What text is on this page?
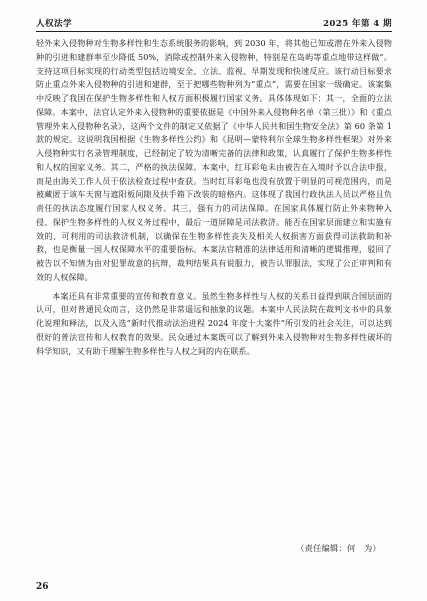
人权法学	2025 年第 4 期

轻外来入侵物种对生物多样性和生态系统服务的影响，到 2030 年，将其他已知或潜在外来入侵物种的引进和建群率至少降低 50%，消除或控制外来入侵物种，特别是在岛屿等重点地带这样做”。支持这项目标实现的行动类型包括边境安全、立法、监视、早期发现和快速反应。该行动目标要求防止重点外来入侵物种的引进和建群，至于把哪些物种列为“重点”，需要在国家一级确定。该案集中反映了我国在保护生物多样性和人权方面积极履行国家义务。具体体现如下：其一，全面的立法保障。本案中，法官认定外来入侵物种的重要依据是《中国外来入侵物种名单（第三批）》和《重点管理外来入侵物种名录》，这两个文件的制定又依据了《中华人民共和国生物安全法》第 60 条第 1 款的规定。这说明我国根据《生物多样性公约》和《昆明—蒙特利尔全球生物多样性框架》对外来入侵物种实行名录管理制度，已经制定了较为清晰完备的法律和政策，认真履行了保护生物多样性和人权的国家义务。其二，严格的执法保障。本案中，红耳彩龟未由被告在入境时予以合法申报，而是由海关工作人员于依法检查过程中查获。当时红耳彩龟也没有放置于明显的可视范围内，而是被藏匿于该车天窗与遮阳板间隙及扶手箱下改装的暗格内。这体现了我国行政执法人员以严格且负责任的执法态度履行国家人权义务。其三，强有力的司法保障。在国家具体履行防止外来物种入侵、保护生物多样性的人权义务过程中，最后一道屏障是司法救济。能否在国家层面建立和实施有效的、可利用的司法救济机制，以确保在生物多样性丧失及相关人权损害方面获得司法救助和补救，也是衡量一国人权保障水平的重要指标。本案法官精准的法律适用和清晰的逻辑推理，驳回了被告以不知情为由对犯罪故意的抗辩，裁判结果具有说服力，被告认罪服法，实现了公正审判和有效的人权保障。

本案还具有非常重要的宣传和教育意义。虽然生物多样性与人权的关系日益得到联合国层面的认可，但对普通民众而言，这仍然是非常遥远和抽象的议题。本案中人民法院在裁判文书中的具象化说理和释法，以及入选“新时代推动法治进程 2024 年度十大案件”所引发的社会关注，可以达到很好的普法宣传和人权教育的效果。民众通过本案既可以了解到外来入侵物种对生物多样性破坏的科学知识，又有助于理解生物多样性与人权之间的内在联系。

（责任编辑：何　为）
26
